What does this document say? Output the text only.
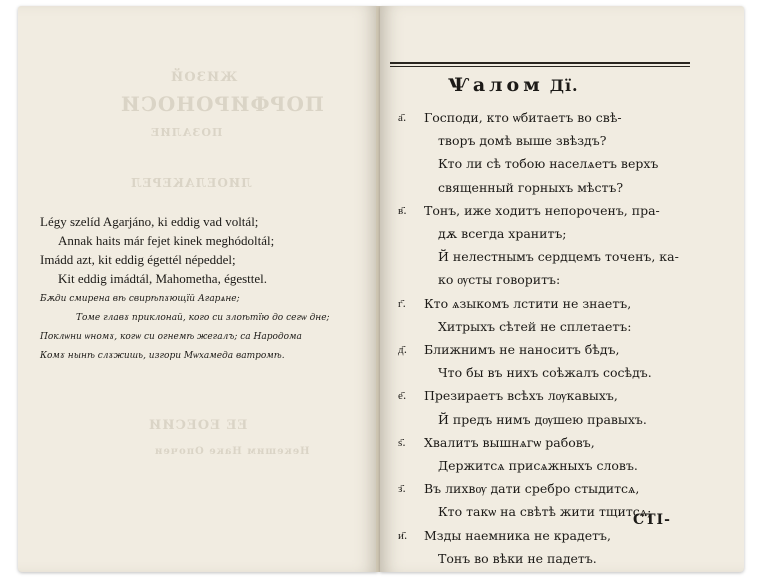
ЖИЗОЙ
ПОРФИРОНОСИ
ПОЗАЛИЕ
ЛИОЕЛАКЕРЕЛ
ЕЕ ЕОЕСИИ
Некешим Наке Опочеи
Légy szelíd Agarjáno, ki eddig vad voltál;
Annak haits már fejet kinek meghódoltál;
Imádd azt, kit eddig égettél népeddel;
Kit eddig imádtál, Mahometha, égesttel.
Бѫди смирена вѣ свирѣпɤющїй Агарѧне;
Томе главɤ приклонай, кого си злоѣтїю до сегѡ дне;
Поклѡни ѡномɤ, когѡ си огнемѣ жегалъ; са Народома
Комɤ нынѣ слɤжишь, изгори Мѡхамеда ватромѣ.
Ѱалом Дї.
а҃.	Господи, кто ѡбитаетъ во свѣ-
творъ домѣ выше звѣздъ?
Кто ли сѣ тобою населѧетъ верхъ
священный горныхъ мѣстъ?
в҃.	Тонъ, иже ходитъ непороченъ, пра-
дѫ всегда хранитъ;
Й нелестнымъ сердцемъ точенъ, ка-
ко ѹсты говоритъ:
г҃.	Кто ѧзыкомъ лстити не знаетъ,
Хитрыхъ сѣтей не сплетаетъ:
д҃.	Ближнимъ не наноситъ бѣдъ,
Что бы въ нихъ соѣжалъ сосѣдъ.
е҃.	Презираетъ всѣхъ лѹкавыхъ,
Й предъ нимъ дѹшею правыхъ.
ѕ҃.	Хвалитъ вышнѧгѡ рабовъ,
Держитсѧ присѧжныхъ словъ.
з҃.	Въ лихвѹ дати сребро стыдитсѧ,
Кто такѡ на свѣтѣ жити тщитсѧ;
и҃.	Мзды наемника не крадетъ,
Тонъ во вѣки не падетъ.
СТІ-
